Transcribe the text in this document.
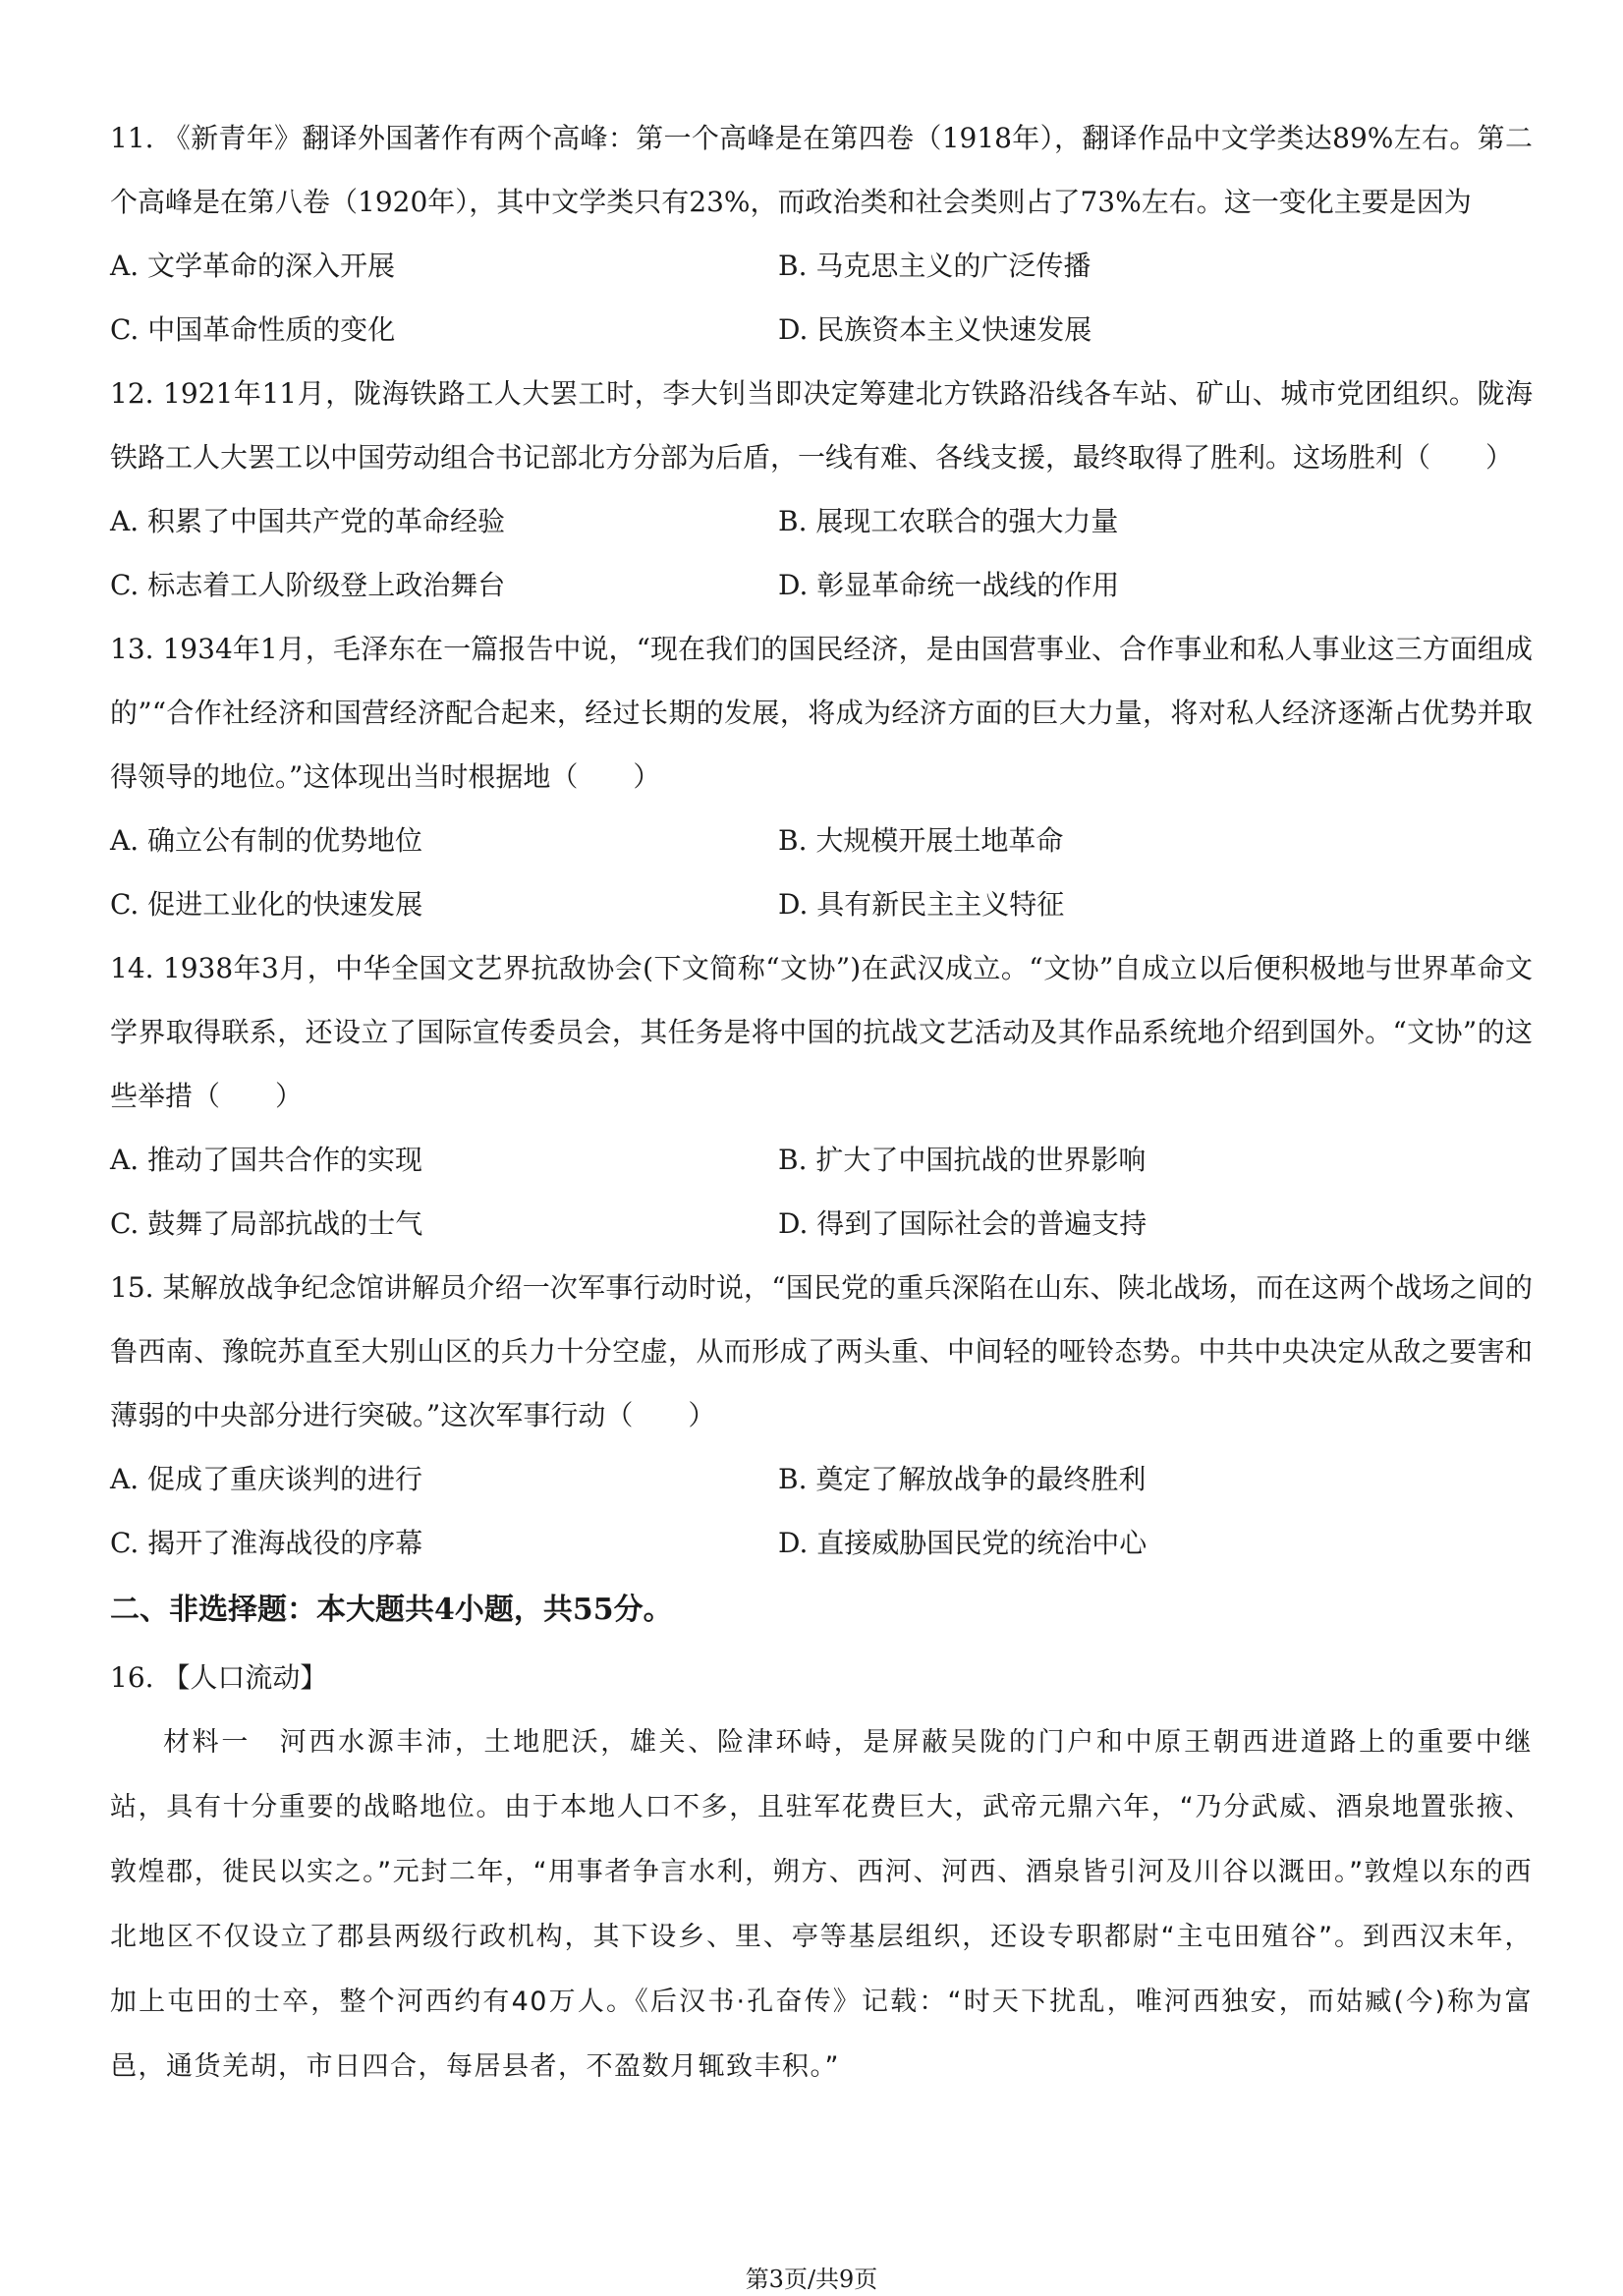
11. 《新青年》翻译外国著作有两个高峰：第一个高峰是在第四卷（1918年），翻译作品中文学类达89%左右。第二个高峰是在第八卷（1920年），其中文学类只有23%，而政治类和社会类则占了73%左右。这一变化主要是因为

A. 文学革命的深入开展	B. 马克思主义的广泛传播
C. 中国革命性质的变化	D. 民族资本主义快速发展

12. 1921年11月，陇海铁路工人大罢工时，李大钊当即决定筹建北方铁路沿线各车站、矿山、城市党团组织。陇海铁路工人大罢工以中国劳动组合书记部北方分部为后盾，一线有难、各线支援，最终取得了胜利。这场胜利（　　）

A. 积累了中国共产党的革命经验	B. 展现工农联合的强大力量
C. 标志着工人阶级登上政治舞台	D. 彰显革命统一战线的作用

13. 1934年1月，毛泽东在一篇报告中说，“现在我们的国民经济，是由国营事业、合作事业和私人事业这三方面组成的”“合作社经济和国营经济配合起来，经过长期的发展，将成为经济方面的巨大力量，将对私人经济逐渐占优势并取得领导的地位。”这体现出当时根据地（　　）

A. 确立公有制的优势地位	B. 大规模开展土地革命
C. 促进工业化的快速发展	D. 具有新民主主义特征

14. 1938年3月，中华全国文艺界抗敌协会(下文简称“文协”)在武汉成立。“文协”自成立以后便积极地与世界革命文学界取得联系，还设立了国际宣传委员会，其任务是将中国的抗战文艺活动及其作品系统地介绍到国外。“文协”的这些举措（　　）

A. 推动了国共合作的实现	B. 扩大了中国抗战的世界影响
C. 鼓舞了局部抗战的士气	D. 得到了国际社会的普遍支持

15. 某解放战争纪念馆讲解员介绍一次军事行动时说，“国民党的重兵深陷在山东、陕北战场，而在这两个战场之间的鲁西南、豫皖苏直至大别山区的兵力十分空虚，从而形成了两头重、中间轻的哑铃态势。中共中央决定从敌之要害和薄弱的中央部分进行突破。”这次军事行动（　　）

A. 促成了重庆谈判的进行	B. 奠定了解放战争的最终胜利
C. 揭开了淮海战役的序幕	D. 直接威胁国民党的统治中心

二、非选择题：本大题共4小题，共55分。

16. 【人口流动】

材料一　河西水源丰沛，土地肥沃，雄关、险津环峙，是屏蔽吴陇的门户和中原王朝西进道路上的重要中继站，具有十分重要的战略地位。由于本地人口不多，且驻军花费巨大，武帝元鼎六年，“乃分武威、酒泉地置张掖、敦煌郡，徙民以实之。”元封二年，“用事者争言水利，朔方、西河、河西、酒泉皆引河及川谷以溉田。”敦煌以东的西北地区不仅设立了郡县两级行政机构，其下设乡、里、亭等基层组织，还设专职都尉“主屯田殖谷”。到西汉末年，加上屯田的士卒，整个河西约有40万人。《后汉书·孔奋传》记载：“时天下扰乱，唯河西独安，而姑臧(今)称为富邑，通货羌胡，市日四合，每居县者，不盈数月辄致丰积。”

第3页/共9页
